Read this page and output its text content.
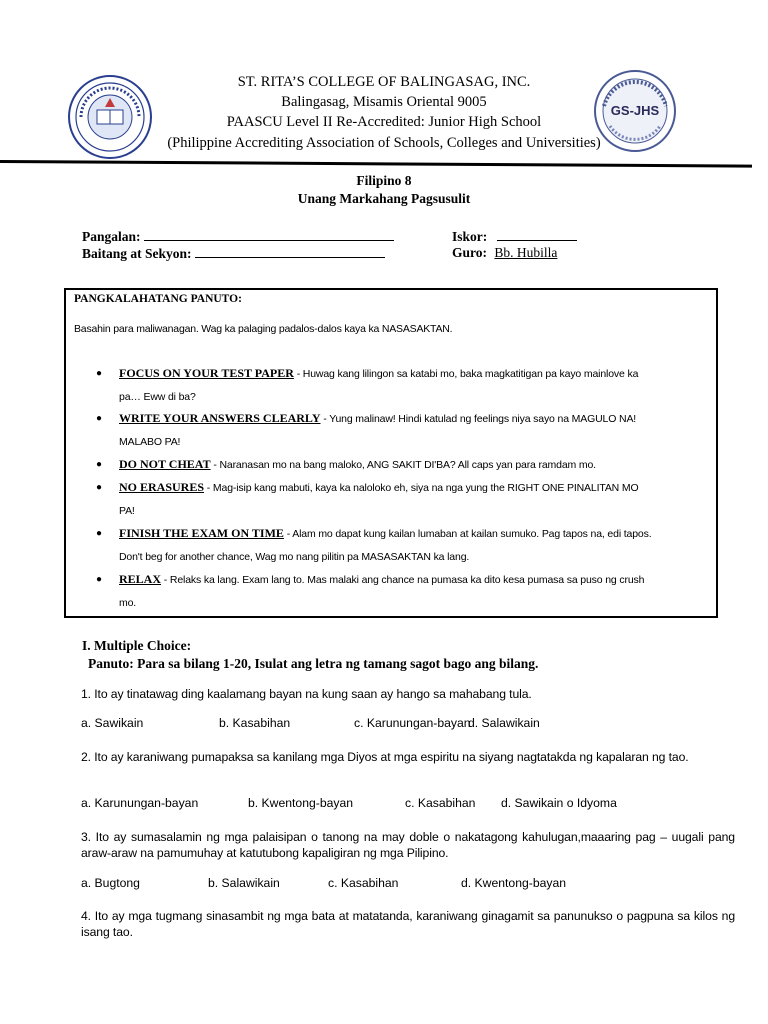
GS-JHS
ST. RITA’S COLLEGE OF BALINGASAG, INC.
Balingasag, Misamis Oriental 9005
PAASCU Level II Re-Accredited: Junior High School
(Philippine Accrediting Association of Schools, Colleges and Universities)
Filipino 8
Unang Markahang Pagsusulit
Pangalan:
Baitang at Sekyon:
Iskor:
Guro: Bb. Hubilla
PANGKALAHATANG PANUTO:
Basahin para maliwanagan. Wag ka palaging padalos-dalos kaya ka NASASAKTAN.
● FOCUS ON YOUR TEST PAPER - Huwag kang lilingon sa katabi mo, baka magkatitigan pa kayo mainlove ka
pa… Eww di ba?
● WRITE YOUR ANSWERS CLEARLY - Yung malinaw! Hindi katulad ng feelings niya sayo na MAGULO NA!
MALABO PA!
● DO NOT CHEAT - Naranasan mo na bang maloko, ANG SAKIT DI'BA? All caps yan para ramdam mo.
● NO ERASURES - Mag-isip kang mabuti, kaya ka naloloko eh, siya na nga yung the RIGHT ONE PINALITAN MO
PA!
● FINISH THE EXAM ON TIME - Alam mo dapat kung kailan lumaban at kailan sumuko. Pag tapos na, edi tapos.
Don't beg for another chance, Wag mo nang pilitin pa MASASAKTAN ka lang.
● RELAX - Relaks ka lang. Exam lang to. Mas malaki ang chance na pumasa ka dito kesa pumasa sa puso ng crush
mo.
I. Multiple Choice:
Panuto: Para sa bilang 1-20, Isulat ang letra ng tamang sagot bago ang bilang.
1. Ito ay tinatawag ding kaalamang bayan na kung saan ay hango sa mahabang tula.
a. Sawikain	b. Kasabihan	c. Karunungan-bayan
d. Salawikain
2. Ito ay karaniwang pumapaksa sa kanilang mga Diyos at mga espiritu na siyang nagtatakda ng kapalaran ng tao.
a. Karunungan-bayan	b. Kwentong-bayan	c. Kasabihan d. Sawikain o Idyoma
3. Ito ay sumasalamin ng mga palaisipan o tanong na may doble o nakatagong kahulugan,maaaring pag – uugali pang araw-araw na pamumuhay at katutubong kapaligiran ng mga Pilipino.
a. Bugtong	b. Salawikain	c. Kasabihan	d. Kwentong-bayan
4. Ito ay mga tugmang sinasambit ng mga bata at matatanda, karaniwang ginagamit sa panunukso o pagpuna sa kilos ng isang tao.
